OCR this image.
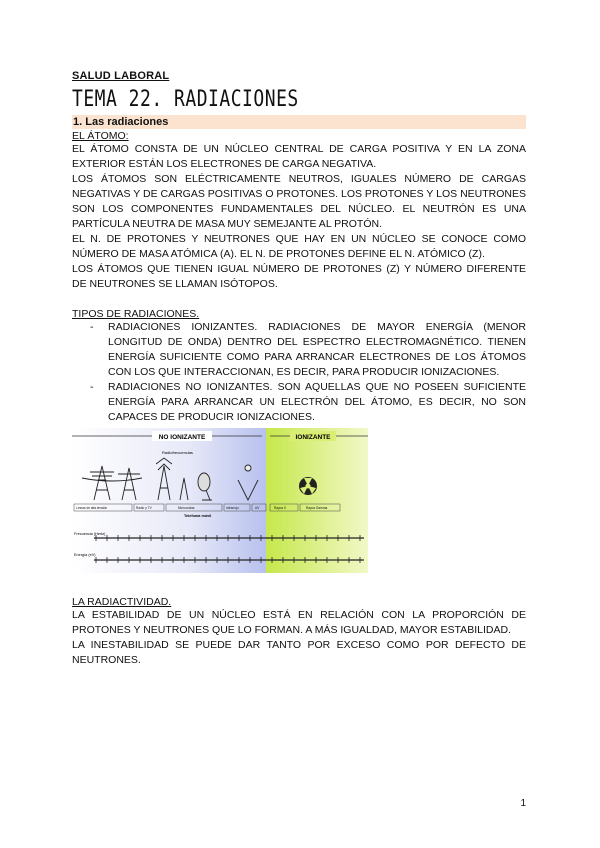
SALUD LABORAL
TEMA 22. RADIACIONES
1. Las radiaciones
EL ÁTOMO:

EL ÁTOMO CONSTA DE UN NÚCLEO CENTRAL DE CARGA POSITIVA Y EN LA ZONA EXTERIOR ESTÁN LOS ELECTRONES DE CARGA NEGATIVA.

LOS ÁTOMOS SON ELÉCTRICAMENTE NEUTROS, IGUALES NÚMERO DE CARGAS NEGATIVAS Y DE CARGAS POSITIVAS O PROTONES. LOS PROTONES Y LOS NEUTRONES SON LOS COMPONENTES FUNDAMENTALES DEL NÚCLEO. EL NEUTRÓN ES UNA PARTÍCULA NEUTRA DE MASA MUY SEMEJANTE AL PROTÓN.

EL N. DE PROTONES Y NEUTRONES QUE HAY EN UN NÚCLEO SE CONOCE COMO NÚMERO DE MASA ATÓMICA (A). EL N. DE PROTONES DEFINE EL N. ATÓMICO (Z).

LOS ÁTOMOS QUE TIENEN IGUAL NÚMERO DE PROTONES (Z) Y NÚMERO DIFERENTE DE NEUTRONES SE LLAMAN ISÓTOPOS.

TIPOS DE RADIACIONES.
- RADIACIONES IONIZANTES. RADIACIONES DE MAYOR ENERGÍA (MENOR LONGITUD DE ONDA) DENTRO DEL ESPECTRO ELECTROMAGNÉTICO. TIENEN ENERGÍA SUFICIENTE COMO PARA ARRANCAR ELECTRONES DE LOS ÁTOMOS CON LOS QUE INTERACCIONAN, ES DECIR, PARA PRODUCIR IONIZACIONES.
- RADIACIONES NO IONIZANTES. SON AQUELLAS QUE NO POSEEN SUFICIENTE ENERGÍA PARA ARRANCAR UN ELECTRÓN DEL ÁTOMO, ES DECIR, NO SON CAPACES DE PRODUCIR IONIZACIONES.
NO IONIZANTE	IONIZANTE
Radiofrecuencias
Líneas de alta tensión	Radio y TV	Microondas	Infrarrojo	UV	Rayos X	Rayos Gamma
Telefonía móvil
Frecuencia (Hertz)
Energía (eV)
LA RADIACTIVIDAD.

LA ESTABILIDAD DE UN NÚCLEO ESTÁ EN RELACIÓN CON LA PROPORCIÓN DE PROTONES Y NEUTRONES QUE LO FORMAN. A MÁS IGUALDAD, MAYOR ESTABILIDAD.

LA INESTABILIDAD SE PUEDE DAR TANTO POR EXCESO COMO POR DEFECTO DE NEUTRONES.

1
